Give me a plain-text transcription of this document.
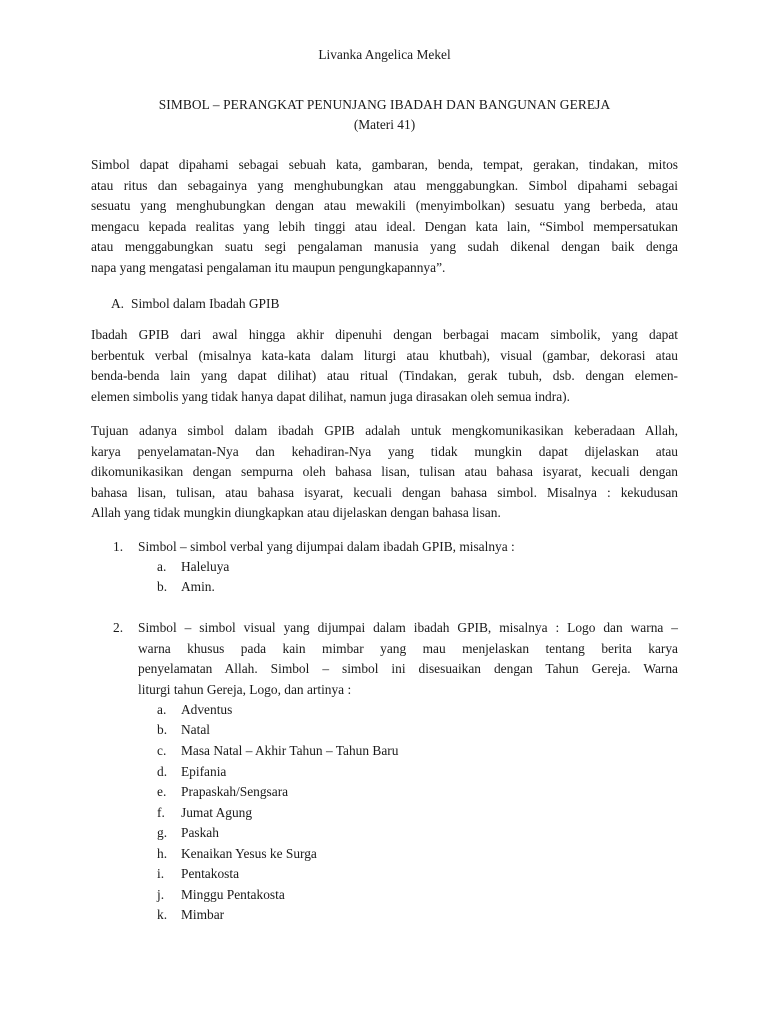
Livanka Angelica Mekel
SIMBOL – PERANGKAT PENUNJANG IBADAH DAN BANGUNAN GEREJA
(Materi 41)
Simbol dapat dipahami sebagai sebuah kata, gambaran, benda, tempat, gerakan, tindakan, mitos
atau ritus dan sebagainya yang menghubungkan atau menggabungkan. Simbol dipahami sebagai
sesuatu yang menghubungkan dengan atau mewakili (menyimbolkan) sesuatu yang berbeda, atau
mengacu kepada realitas yang lebih tinggi atau ideal. Dengan kata lain, “Simbol mempersatukan
atau menggabungkan suatu segi pengalaman manusia yang sudah dikenal dengan baik denga
napa yang mengatasi pengalaman itu maupun pengungkapannya”.
A. Simbol dalam Ibadah GPIB
Ibadah GPIB dari awal hingga akhir dipenuhi dengan berbagai macam simbolik, yang dapat
berbentuk verbal (misalnya kata-kata dalam liturgi atau khutbah), visual (gambar, dekorasi atau
benda-benda lain yang dapat dilihat) atau ritual (Tindakan, gerak tubuh, dsb. dengan elemen-
elemen simbolis yang tidak hanya dapat dilihat, namun juga dirasakan oleh semua indra).
Tujuan adanya simbol dalam ibadah GPIB adalah untuk mengkomunikasikan keberadaan Allah,
karya penyelamatan-Nya dan kehadiran-Nya yang tidak mungkin dapat dijelaskan atau
dikomunikasikan dengan sempurna oleh bahasa lisan, tulisan atau bahasa isyarat, kecuali dengan
bahasa lisan, tulisan, atau bahasa isyarat, kecuali dengan bahasa simbol. Misalnya : kekudusan
Allah yang tidak mungkin diungkapkan atau dijelaskan dengan bahasa lisan.
1. Simbol – simbol verbal yang dijumpai dalam ibadah GPIB, misalnya :
a. Haleluya
b. Amin.
2. Simbol – simbol visual yang dijumpai dalam ibadah GPIB, misalnya : Logo dan warna –
warna khusus pada kain mimbar yang mau menjelaskan tentang berita karya
penyelamatan Allah. Simbol – simbol ini disesuaikan dengan Tahun Gereja. Warna
liturgi tahun Gereja, Logo, dan artinya :
a. Adventus
b. Natal
c. Masa Natal – Akhir Tahun – Tahun Baru
d. Epifania
e. Prapaskah/Sengsara
f. Jumat Agung
g. Paskah
h. Kenaikan Yesus ke Surga
i. Pentakosta
j. Minggu Pentakosta
k. Mimbar
